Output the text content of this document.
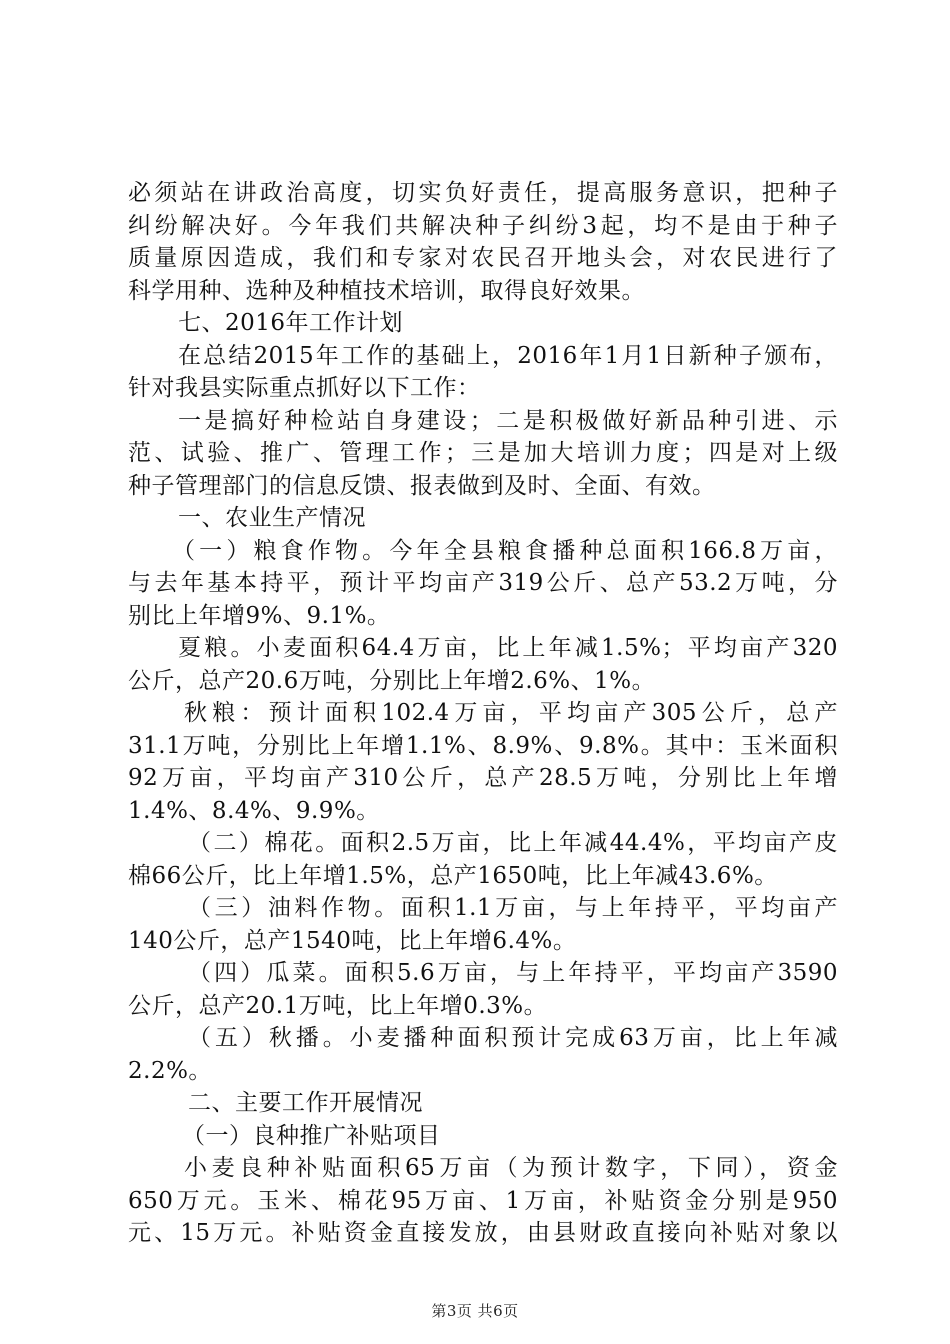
必须站在讲政治高度，切实负好责任，提高服务意识，把种子
纠纷解决好。今年我们共解决种子纠纷3起，均不是由于种子
质量原因造成，我们和专家对农民召开地头会，对农民进行了
科学用种、选种及种植技术培训，取得良好效果。
七、2016年工作计划
在总结2015年工作的基础上，2016年1月1日新种子颁布，
针对我县实际重点抓好以下工作：
一是搞好种检站自身建设；二是积极做好新品种引进、示
范、试验、推广、管理工作；三是加大培训力度；四是对上级
种子管理部门的信息反馈、报表做到及时、全面、有效。
一、农业生产情况
（一）粮食作物。今年全县粮食播种总面积166.8万亩，
与去年基本持平，预计平均亩产319公斤、总产53.2万吨，分
别比上年增9%、9.1%。
夏粮。小麦面积64.4万亩，比上年减1.5%；平均亩产320
公斤，总产20.6万吨，分别比上年增2.6%、1%。
秋粮：预计面积102.4万亩，平均亩产305公斤，总产
31.1万吨，分别比上年增1.1%、8.9%、9.8%。其中：玉米面积
92万亩，平均亩产310公斤，总产28.5万吨，分别比上年增
1.4%、8.4%、9.9%。
（二）棉花。面积2.5万亩，比上年减44.4%，平均亩产皮
棉66公斤，比上年增1.5%，总产1650吨，比上年减43.6%。
（三）油料作物。面积1.1万亩，与上年持平，平均亩产
140公斤，总产1540吨，比上年增6.4%。
（四）瓜菜。面积5.6万亩，与上年持平，平均亩产3590
公斤，总产20.1万吨，比上年增0.3%。
（五）秋播。小麦播种面积预计完成63万亩，比上年减
2.2%。
二、主要工作开展情况
（一）良种推广补贴项目
小麦良种补贴面积65万亩（为预计数字，下同），资金
650万元。玉米、棉花95万亩、1万亩，补贴资金分别是950
元、15万元。补贴资金直接发放，由县财政直接向补贴对象以
第3页 共6页
